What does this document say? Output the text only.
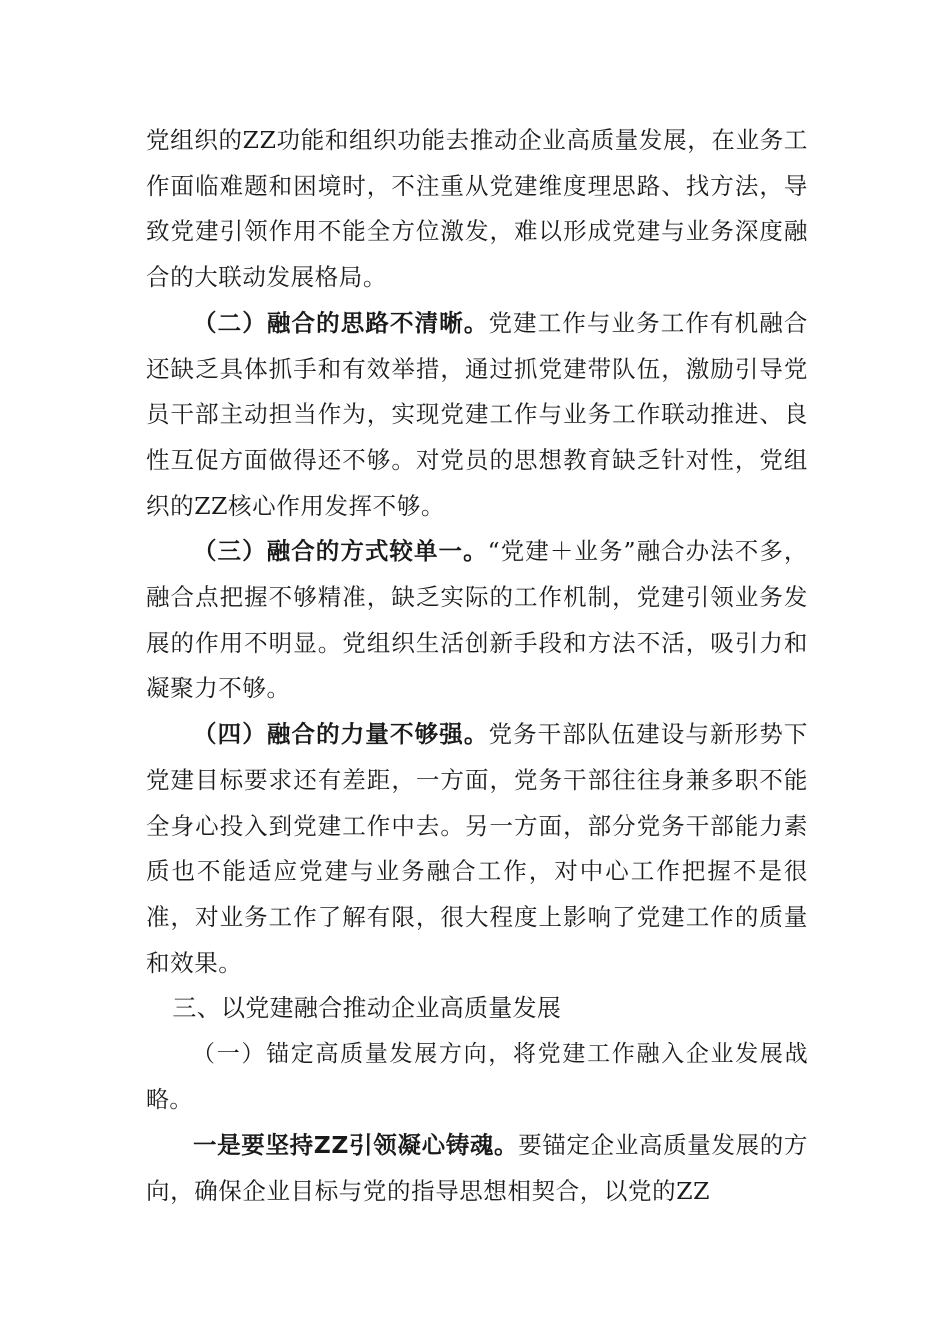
党组织的ZZ功能和组织功能去推动企业高质量发展，在业务工作面临难题和困境时，不注重从党建维度理思路、找方法，导致党建引领作用不能全方位激发，难以形成党建与业务深度融合的大联动发展格局。

（二）融合的思路不清晰。党建工作与业务工作有机融合还缺乏具体抓手和有效举措，通过抓党建带队伍，激励引导党员干部主动担当作为，实现党建工作与业务工作联动推进、良性互促方面做得还不够。对党员的思想教育缺乏针对性，党组织的ZZ核心作用发挥不够。

（三）融合的方式较单一。“党建＋业务”融合办法不多，融合点把握不够精准，缺乏实际的工作机制，党建引领业务发展的作用不明显。党组织生活创新手段和方法不活，吸引力和凝聚力不够。

（四）融合的力量不够强。党务干部队伍建设与新形势下党建目标要求还有差距，一方面，党务干部往往身兼多职不能全身心投入到党建工作中去。另一方面，部分党务干部能力素质也不能适应党建与业务融合工作，对中心工作把握不是很准，对业务工作了解有限，很大程度上影响了党建工作的质量和效果。

三、以党建融合推动企业高质量发展

（一）锚定高质量发展方向，将党建工作融入企业发展战略。

一是要坚持ZZ引领凝心铸魂。要锚定企业高质量发展的方向，确保企业目标与党的指导思想相契合，以党的ZZ
